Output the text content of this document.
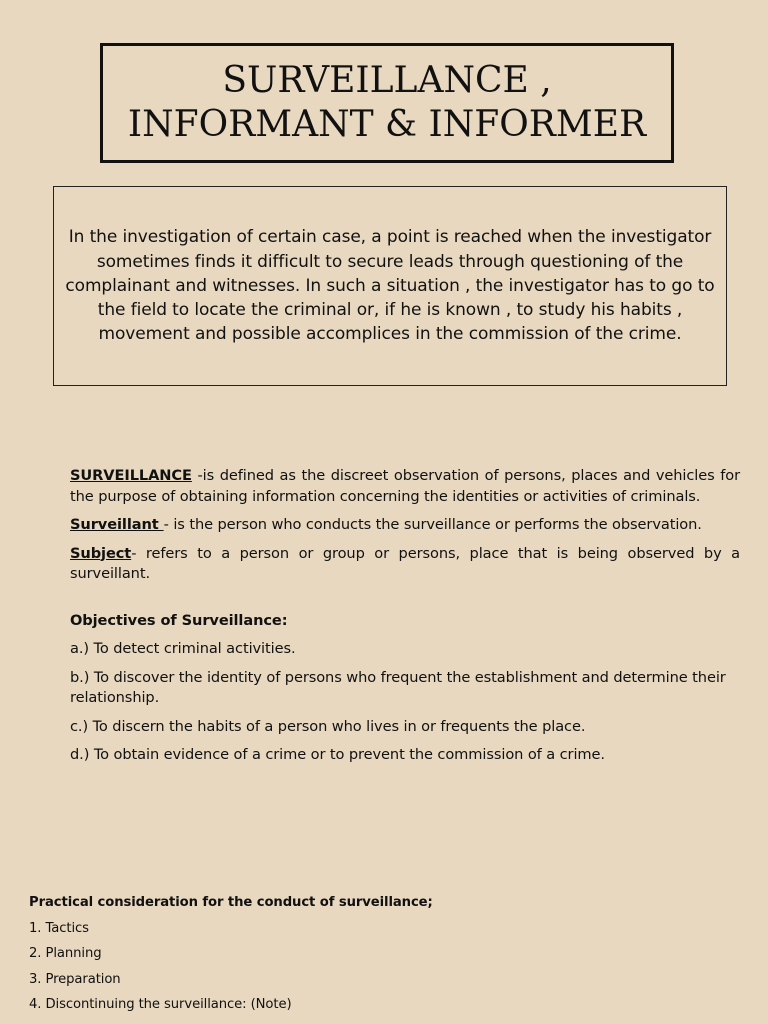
SURVEILLANCE ,
INFORMANT & INFORMER

In the investigation of certain case, a point is reached when the investigator sometimes finds it difficult to secure leads through questioning of the complainant and witnesses. In such a situation , the investigator has to go to the field to locate the criminal or, if he is known , to study his habits , movement and possible accomplices in the commission of the crime.

SURVEILLANCE -is defined as the discreet observation of persons, places and vehicles for the purpose of obtaining information concerning the identities or activities of criminals.

Surveillant - is the person who conducts the surveillance or performs the observation.

Subject- refers to a person or group or persons, place that is being observed by a surveillant.

Objectives of Surveillance:

a.) To detect criminal activities.

b.) To discover the identity of persons who frequent the establishment and determine their relationship.

c.) To discern the habits of a person who lives in or frequents the place.

d.) To obtain evidence of a crime or to prevent the commission of a crime.

Practical consideration for the conduct of surveillance;
1. Tactics
2. Planning
3. Preparation
4. Discontinuing the surveillance: (Note)
